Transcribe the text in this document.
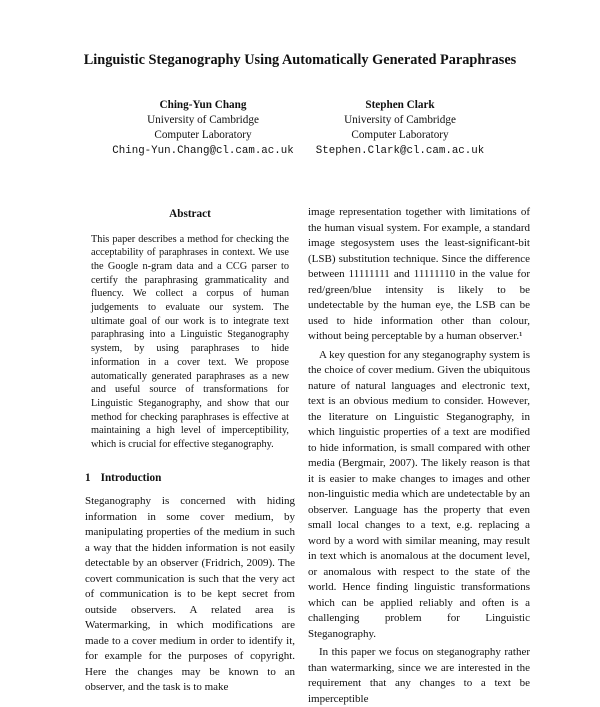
Linguistic Steganography Using Automatically Generated Paraphrases
Ching-Yun Chang
University of Cambridge
Computer Laboratory
Ching-Yun.Chang@cl.cam.ac.uk
Stephen Clark
University of Cambridge
Computer Laboratory
Stephen.Clark@cl.cam.ac.uk
Abstract

This paper describes a method for checking the acceptability of paraphrases in context. We use the Google n-gram data and a CCG parser to certify the paraphrasing grammaticality and fluency. We collect a corpus of human judgements to evaluate our system. The ultimate goal of our work is to integrate text paraphrasing into a Linguistic Steganography system, by using paraphrases to hide information in a cover text. We propose automatically generated paraphrases as a new and useful source of transformations for Linguistic Steganography, and show that our method for checking paraphrases is effective at maintaining a high level of imperceptibility, which is crucial for effective steganography.

1 Introduction

Steganography is concerned with hiding information in some cover medium, by manipulating properties of the medium in such a way that the hidden information is not easily detectable by an observer (Fridrich, 2009). The covert communication is such that the very act of communication is to be kept secret from outside observers. A related area is Watermarking, in which modifications are made to a cover medium in order to identify it, for example for the purposes of copyright. Here the changes may be known to an observer, and the task is to make

image representation together with limitations of the human visual system. For example, a standard image stegosystem uses the least-significant-bit (LSB) substitution technique. Since the difference between 11111111 and 11111110 in the value for red/green/blue intensity is likely to be undetectable by the human eye, the LSB can be used to hide information other than colour, without being perceptable by a human observer.¹

A key question for any steganography system is the choice of cover medium. Given the ubiquitous nature of natural languages and electronic text, text is an obvious medium to consider. However, the literature on Linguistic Steganography, in which linguistic properties of a text are modified to hide information, is small compared with other media (Bergmair, 2007). The likely reason is that it is easier to make changes to images and other non-linguistic media which are undetectable by an observer. Language has the property that even small local changes to a text, e.g. replacing a word by a word with similar meaning, may result in text which is anomalous at the document level, or anomalous with respect to the state of the world. Hence finding linguistic transformations which can be applied reliably and often is a challenging problem for Linguistic Steganography.

In this paper we focus on steganography rather than watermarking, since we are interested in the requirement that any changes to a text be imperceptible
